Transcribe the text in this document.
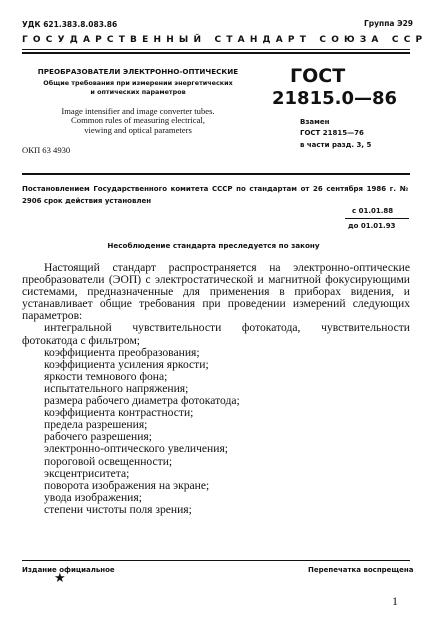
УДК 621.383.8.083.86	Группа Э29
ГОСУДАРСТВЕННЫЙ СТАНДАРТ СОЮЗА ССР
ПРЕОБРАЗОВАТЕЛИ ЭЛЕКТРОННО-ОПТИЧЕСКИЕ
Общие требования при измерении энергетических
и оптических параметров
Image intensifier and image converter tubes.
Common rules of measuring electrical,
viewing and optical parameters
ОКП 63 4930
ГОСТ
21815.0—86
Взамен
ГОСТ 21815—76
в части разд. 3, 5
Постановлением Государственного комитета СССР по стандартам от 26 сентября 1986 г. № 2906 срок действия установлен
с 01.01.88
до 01.01.93
Несоблюдение стандарта преследуется по закону

Настоящий стандарт распространяется на электронно-оптические преобразователи (ЭОП) с электростатической и магнитной фокусирующими системами, предназначенные для применения в приборах видения, и устанавливает общие требования при проведении измерений следующих параметров:

интегральной чувствительности фотокатода, чувствительности фотокатода с фильтром;
коэффициента преобразования;
коэффициента усиления яркости;
яркости темнового фона;
испытательного напряжения;
размера рабочего диаметра фотокатода;
коэффициента контрастности;
предела разрешения;
рабочего разрешения;
электронно-оптического увеличения;
пороговой освещенности;
эксцентриситета;
поворота изображения на экране;
увода изображения;
степени чистоты поля зрения;
Издание официальное
★
Перепечатка воспрещена
1
